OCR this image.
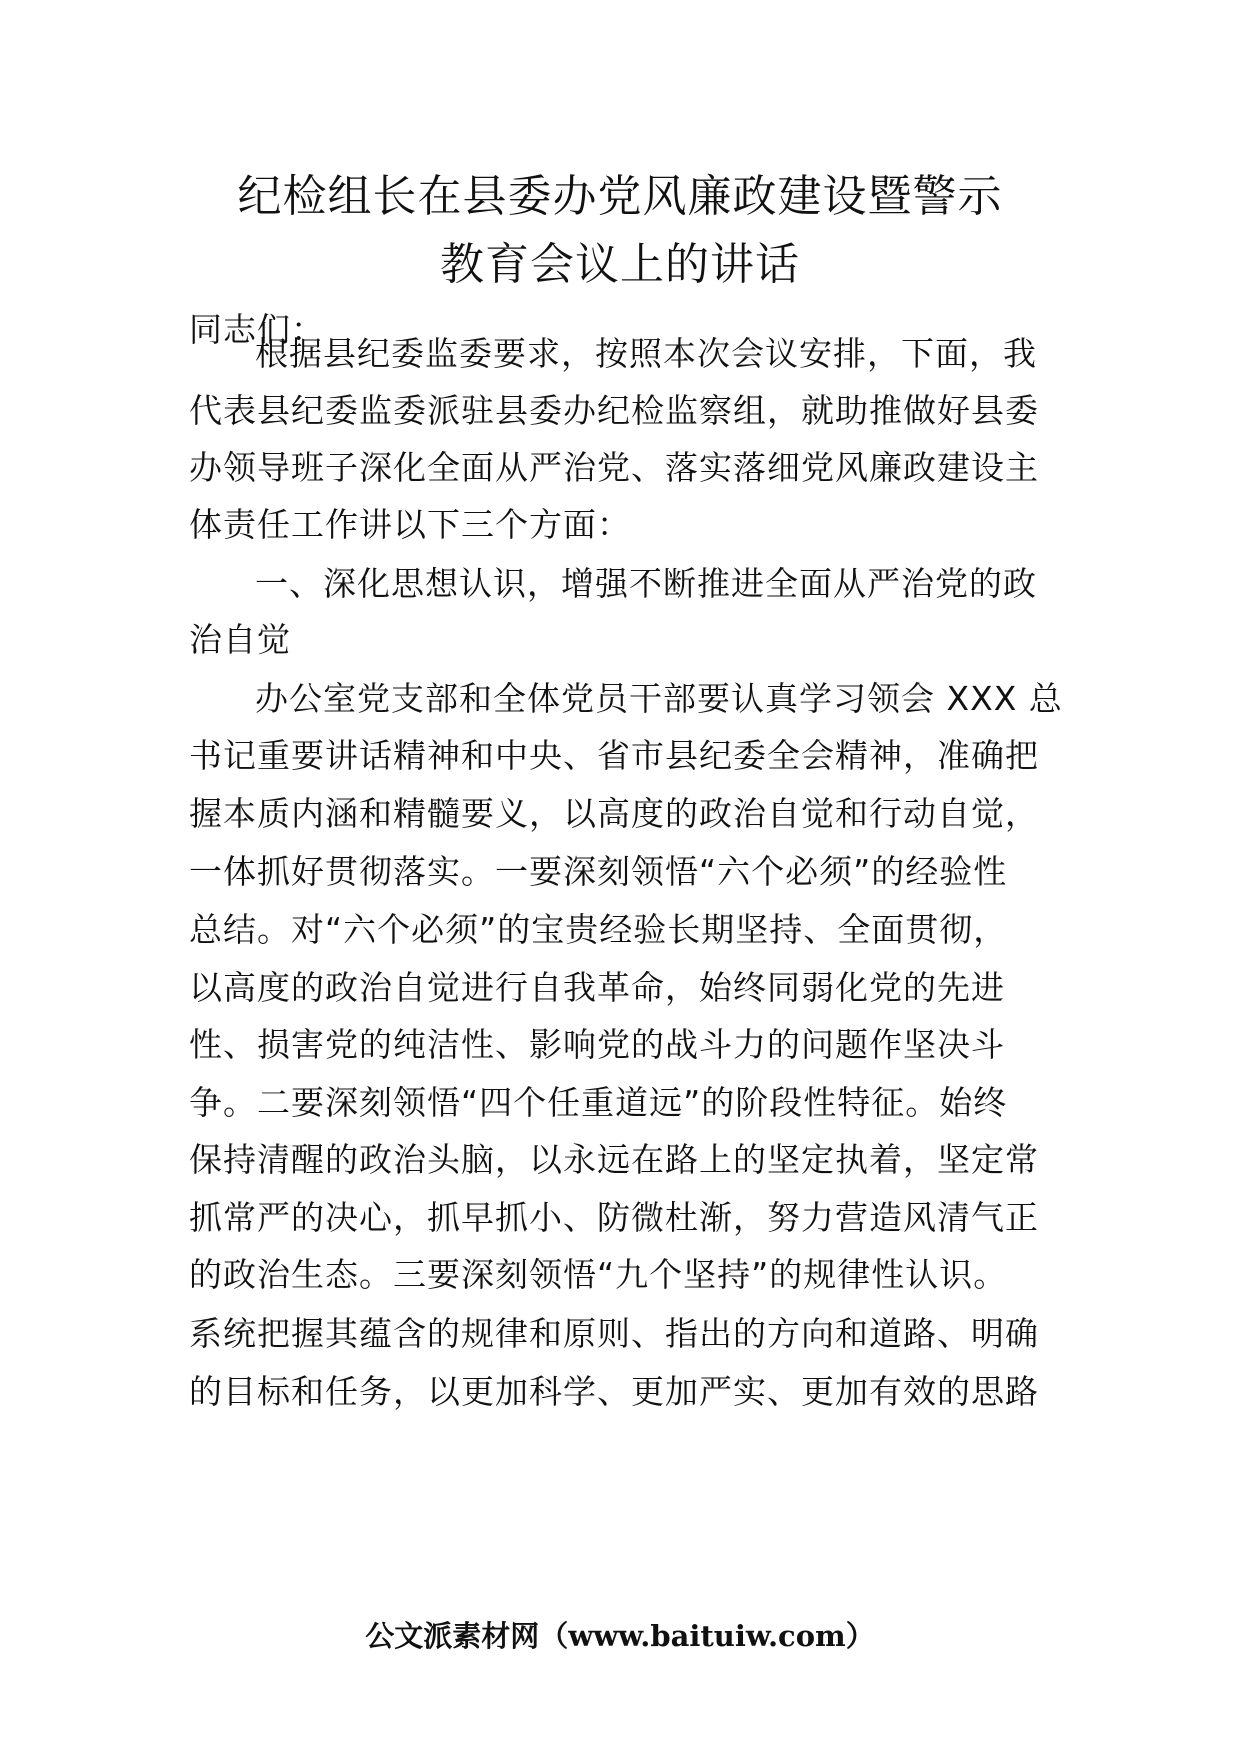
纪检组长在县委办党风廉政建设暨警示
教育会议上的讲话
同志们：
根据县纪委监委要求，按照本次会议安排，下面，我
代表县纪委监委派驻县委办纪检监察组，就助推做好县委
办领导班子深化全面从严治党、落实落细党风廉政建设主
体责任工作讲以下三个方面：
一、深化思想认识，增强不断推进全面从严治党的政
治自觉
办公室党支部和全体党员干部要认真学习领会 XXX 总
书记重要讲话精神和中央、省市县纪委全会精神，准确把
握本质内涵和精髓要义，以高度的政治自觉和行动自觉，
一体抓好贯彻落实。一要深刻领悟“六个必须”的经验性
总结。对“六个必须”的宝贵经验长期坚持、全面贯彻，
以高度的政治自觉进行自我革命，始终同弱化党的先进
性、损害党的纯洁性、影响党的战斗力的问题作坚决斗
争。二要深刻领悟“四个任重道远”的阶段性特征。始终
保持清醒的政治头脑，以永远在路上的坚定执着，坚定常
抓常严的决心，抓早抓小、防微杜渐，努力营造风清气正
的政治生态。三要深刻领悟“九个坚持”的规律性认识。
系统把握其蕴含的规律和原则、指出的方向和道路、明确
的目标和任务，以更加科学、更加严实、更加有效的思路
公文派素材网（www.baituiw.com）
